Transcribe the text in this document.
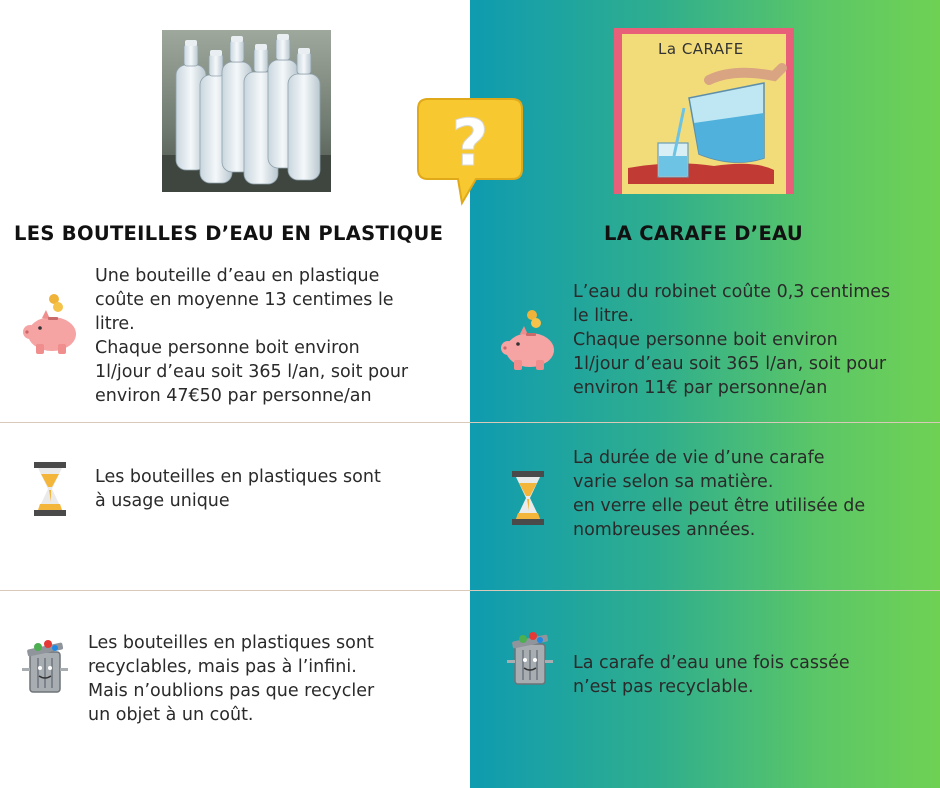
La CARAFE
?
LES BOUTEILLES D’EAU EN PLASTIQUE	LA CARAFE D’EAU
Une bouteille d’eau en plastique
coûte en moyenne 13 centimes le
litre.
Chaque personne boit environ
1l/jour d’eau soit 365 l/an, soit pour
environ 47€50 par personne/an
Les bouteilles en plastiques sont
à usage unique
Les bouteilles en plastiques sont
recyclables, mais pas à l’infini.
Mais n’oublions pas que recycler
un objet à un coût.
L’eau du robinet coûte 0,3 centimes
le litre.
Chaque personne boit environ
1l/jour d’eau soit 365 l/an, soit pour
environ 11€ par personne/an
La durée de vie d’une carafe
varie selon sa matière.
en verre elle peut être utilisée de
nombreuses années.
La carafe d’eau une fois cassée
n’est pas recyclable.
